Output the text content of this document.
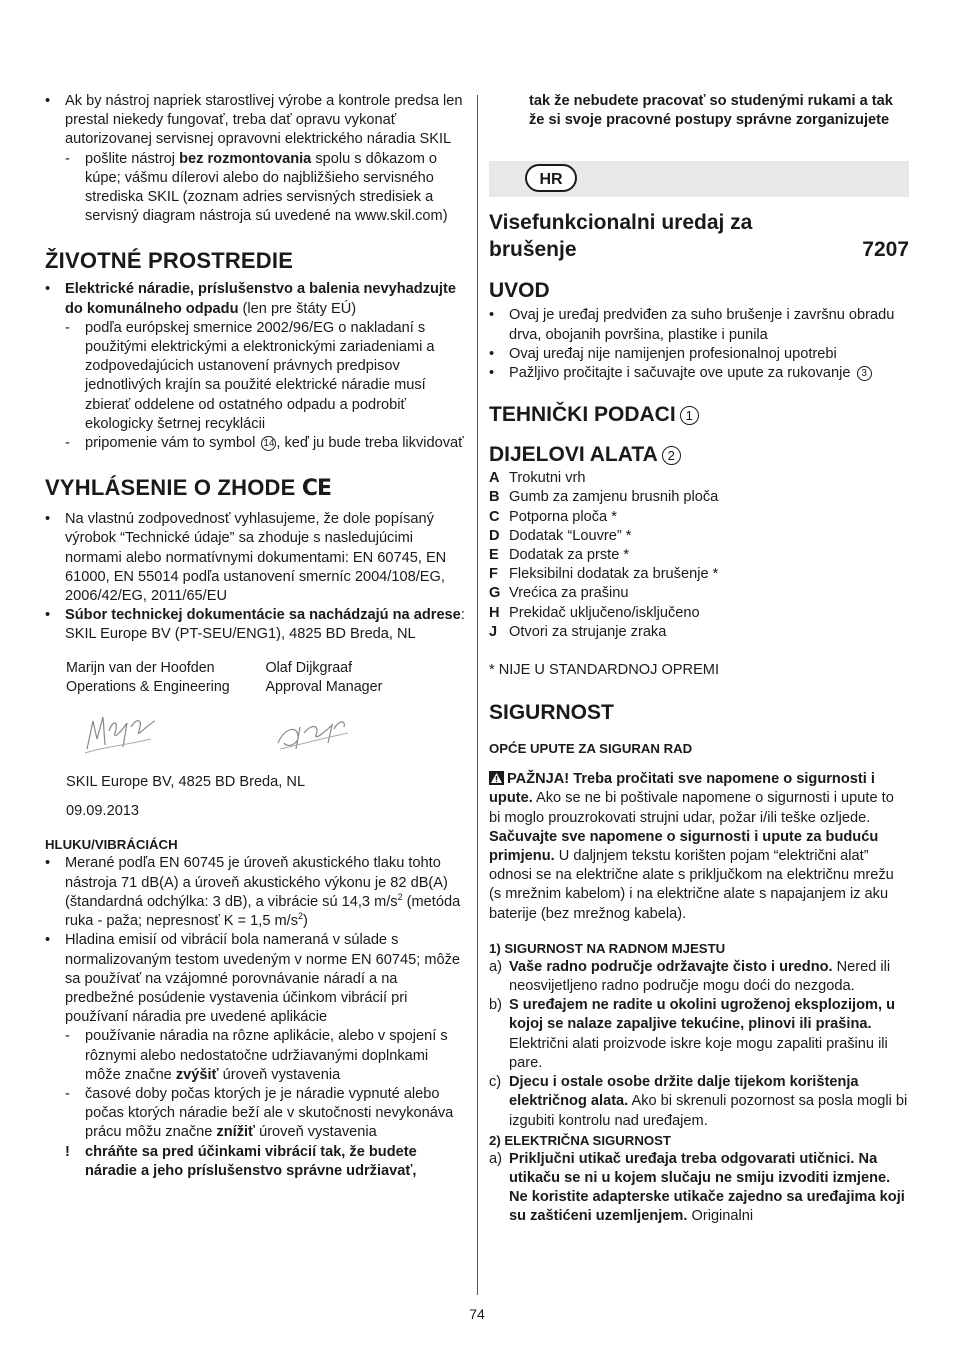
•	Ak by nástroj napriek starostlivej výrobe a kontrole predsa len prestal niekedy fungovať, treba dať opravu vykonať autorizovanej servisnej opravovni elektrického náradia SKIL

- pošlite nástroj bez rozmontovania spolu s dôkazom o kúpe; vášmu dílerovi alebo do najbližšieho servisného strediska SKIL (zoznam adries servisných stredisiek a servisný diagram nástroja sú uvedené na www.skil.com)

ŽIVOTNÉ PROSTREDIE

•	Elektrické náradie, príslušenstvo a balenia nevyhadzujte do komunálneho odpadu (len pre štáty EÚ)

- podľa európskej smernice 2002/96/EG o nakladaní s použitými elektrickými a elektronickými zariadeniami a zodpovedajúcich ustanovení právnych predpisov jednotlivých krajín sa použité elektrické náradie musí zbierať oddelene od ostatného odpadu a podrobiť ekologicky šetrnej recyklácii

- pripomenie vám to symbol 14 , keď ju bude treba likvidovať

VYHLÁSENIE O ZHODE CE

•	Na vlastnú zodpovednosť vyhlasujeme, že dole popísaný výrobok “Technické údaje” sa zhoduje s nasledujúcimi normami alebo normatívnymi dokumentami: EN 60745, EN 61000, EN 55014 podľa ustanovení smerníc 2004/108/EG, 2006/42/EG, 2011/65/EU

•	Súbor technickej dokumentácie sa nachádzajú na adrese: SKIL Europe BV (PT-SEU/ENG1), 4825 BD Breda, NL

Marijn van der Hoofden
Operations & Engineering
Olaf Dijkgraaf
Approval Manager

SKIL Europe BV, 4825 BD Breda, NL

09.09.2013

HLUKU/VIBRÁCIÁCH

•	Merané podľa EN 60745 je úroveň akustického tlaku tohto nástroja 71 dB(A) a úroveň akustického výkonu je 82 dB(A) (štandardná odchýlka: 3 dB), a vibrácie sú 14,3 $m/s^2$ (metóda ruka - paža; nepresnosť K = 1,5 $m/s^2$)

•	Hladina emisií od vibrácií bola nameraná v súlade s normalizovaným testom uvedeným v norme EN 60745; môže sa používať na vzájomné porovnávanie náradí a na predbežné posúdenie vystavenia účinkom vibrácií pri používaní náradia pre uvedené aplikácie

- používanie náradia na rôzne aplikácie, alebo v spojení s rôznymi alebo nedostatočne udržiavanými doplnkami môže značne zvýšiť úroveň vystavenia

- časové doby počas ktorých je je náradie vypnuté alebo počas ktorých náradie beží ale v skutočnosti nevykonáva prácu môžu značne znížiť úroveň vystavenia

! chráňte sa pred účinkami vibrácií tak, že budete náradie a jeho príslušenstvo správne udržiavať,

tak že nebudete pracovať so studenými rukami a tak že si svoje pracovné postupy správne zorganizujete

HR
Visefunkcionalni uredaj za
brušenje	7207
UVOD

•	Ovaj je uređaj predviđen za suho brušenje i završnu obradu drva, obojanih površina, plastike i punila

•	Ovaj uređaj nije namijenjen profesionalnoj upotrebi

•	Pažljivo pročitajte i sačuvajte ove upute za rukovanje 3

TEHNIČKI PODACI 1
DIJELOVI ALATA 2

A Trokutni vrh

B Gumb za zamjenu brusnih ploča

C Potporna ploča *

D Dodatak “Louvre” *

E Dodatak za prste *

F Fleksibilni dodatak za brušenje *

G Vrećica za prašinu

H Prekidač uključeno/isključeno

J Otvori za strujanje zraka

* NIJE U STANDARDNOJ OPREMI

SIGURNOST
OPĆE UPUTE ZA SIGURAN RAD

PAŽNJA! Treba pročitati sve napomene o sigurnosti i upute. Ako se ne bi poštivale napomene o sigurnosti i upute to bi moglo prouzrokovati strujni udar, požar i/ili teške ozljede. Sačuvajte sve napomene o sigurnosti i upute za buduću primjenu. U daljnjem tekstu korišten pojam “električni alat” odnosi se na električne alate s priključkom na električnu mrežu (s mrežnim kabelom) i na električne alate s napajanjem iz aku baterije (bez mrežnog kabela).

1) SIGURNOST NA RADNOM MJESTU

a) Vaše radno područje održavajte čisto i uredno. Nered ili neosvijetljeno radno područje mogu doći do nezgoda.

b) S uređajem ne radite u okolini ugroženoj eksplozijom, u kojoj se nalaze zapaljive tekućine, plinovi ili prašina. Električni alati proizvode iskre koje mogu zapaliti prašinu ili pare.

c) Djecu i ostale osobe držite dalje tijekom korištenja električnog alata. Ako bi skrenuli pozornost sa posla mogli bi izgubiti kontrolu nad uređajem.

2) ELEKTRIČNA SIGURNOST

a) Priključni utikač uređaja treba odgovarati utičnici. Na utikaču se ni u kojem slučaju ne smiju izvoditi izmjene. Ne koristite adapterske utikače zajedno sa uređajima koji su zaštićeni uzemljenjem. Originalni

74
